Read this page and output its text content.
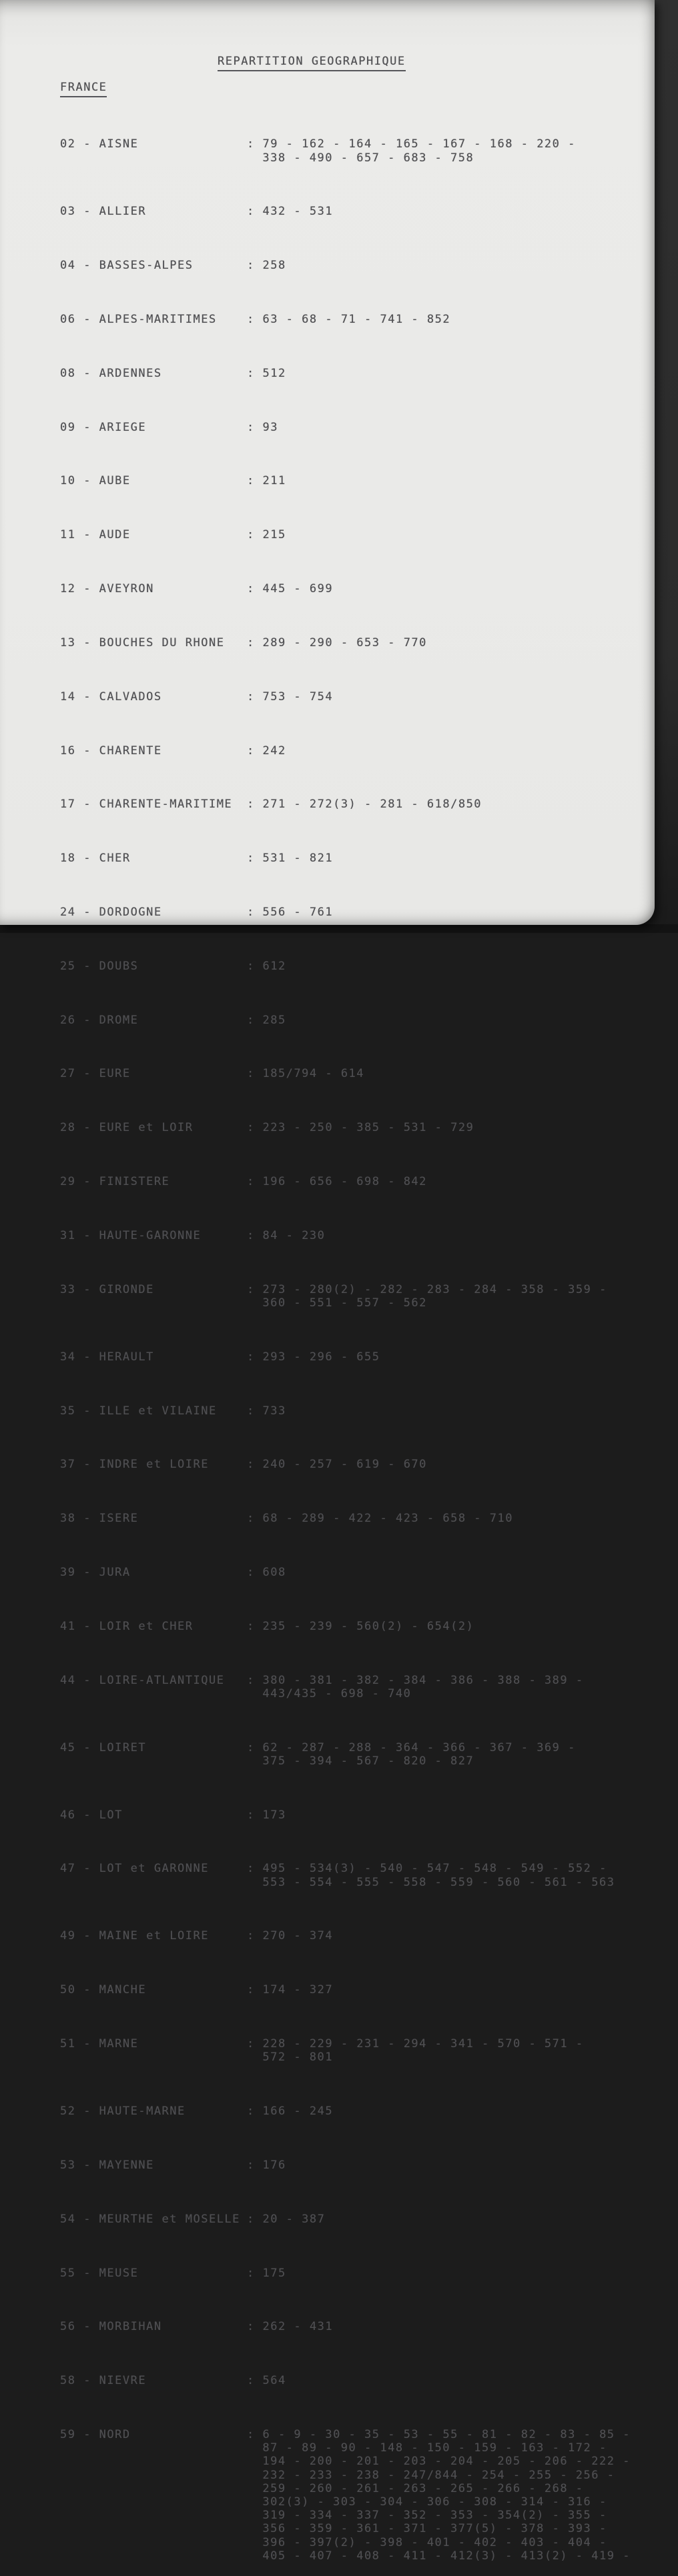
REPARTITION GEOGRAPHIQUE
FRANCE

02 - AISNE	: 79 - 162 - 164 - 165 - 167 - 168 - 220 -
338 - 490 - 657 - 683 - 758

03 - ALLIER	: 432 - 531

04 - BASSES-ALPES	: 258

06 - ALPES-MARITIMES	: 63 - 68 - 71 - 741 - 852

08 - ARDENNES	: 512

09 - ARIEGE	: 93

10 - AUBE	: 211

11 - AUDE	: 215

12 - AVEYRON	: 445 - 699

13 - BOUCHES DU RHONE	: 289 - 290 - 653 - 770

14 - CALVADOS	: 753 - 754

16 - CHARENTE	: 242

17 - CHARENTE-MARITIME	: 271 - 272(3) - 281 - 618/850

18 - CHER	: 531 - 821

24 - DORDOGNE	: 556 - 761

25 - DOUBS	: 612

26 - DROME	: 285

27 - EURE	: 185/794 - 614

28 - EURE et LOIR	: 223 - 250 - 385 - 531 - 729

29 - FINISTERE	: 196 - 656 - 698 - 842

31 - HAUTE-GARONNE	: 84 - 230

33 - GIRONDE	: 273 - 280(2) - 282 - 283 - 284 - 358 - 359 -
360 - 551 - 557 - 562

34 - HERAULT	: 293 - 296 - 655

35 - ILLE et VILAINE	: 733

37 - INDRE et LOIRE	: 240 - 257 - 619 - 670

38 - ISERE	: 68 - 289 - 422 - 423 - 658 - 710

39 - JURA	: 608

41 - LOIR et CHER	: 235 - 239 - 560(2) - 654(2)

44 - LOIRE-ATLANTIQUE	: 380 - 381 - 382 - 384 - 386 - 388 - 389 -
443/435 - 698 - 740

45 - LOIRET	: 62 - 287 - 288 - 364 - 366 - 367 - 369 -
375 - 394 - 567 - 820 - 827

46 - LOT	: 173

47 - LOT et GARONNE	: 495 - 534(3) - 540 - 547 - 548 - 549 - 552 -
553 - 554 - 555 - 558 - 559 - 560 - 561 - 563

49 - MAINE et LOIRE	: 270 - 374

50 - MANCHE	: 174 - 327

51 - MARNE	: 228 - 229 - 231 - 294 - 341 - 570 - 571 -
572 - 801

52 - HAUTE-MARNE	: 166 - 245

53 - MAYENNE	: 176

54 - MEURTHE et MOSELLE : 20 - 387

55 - MEUSE	: 175

56 - MORBIHAN	: 262 - 431

58 - NIEVRE	: 564

59 - NORD	: 6 - 9 - 30 - 35 - 53 - 55 - 81 - 82 - 83 - 85 -
87 - 89 - 90 - 148 - 150 - 159 - 163 - 172 -
194 - 200 - 201 - 203 - 204 - 205 - 206 - 222 -
232 - 233 - 238 - 247/844 - 254 - 255 - 256 -
259 - 260 - 261 - 263 - 265 - 266 - 268 -
302(3) - 303 - 304 - 306 - 308 - 314 - 316 -
319 - 334 - 337 - 352 - 353 - 354(2) - 355 -
356 - 359 - 361 - 371 - 377(5) - 378 - 393 -
396 - 397(2) - 398 - 401 - 402 - 403 - 404 -
405 - 407 - 408 - 411 - 412(3) - 413(2) - 419 -
